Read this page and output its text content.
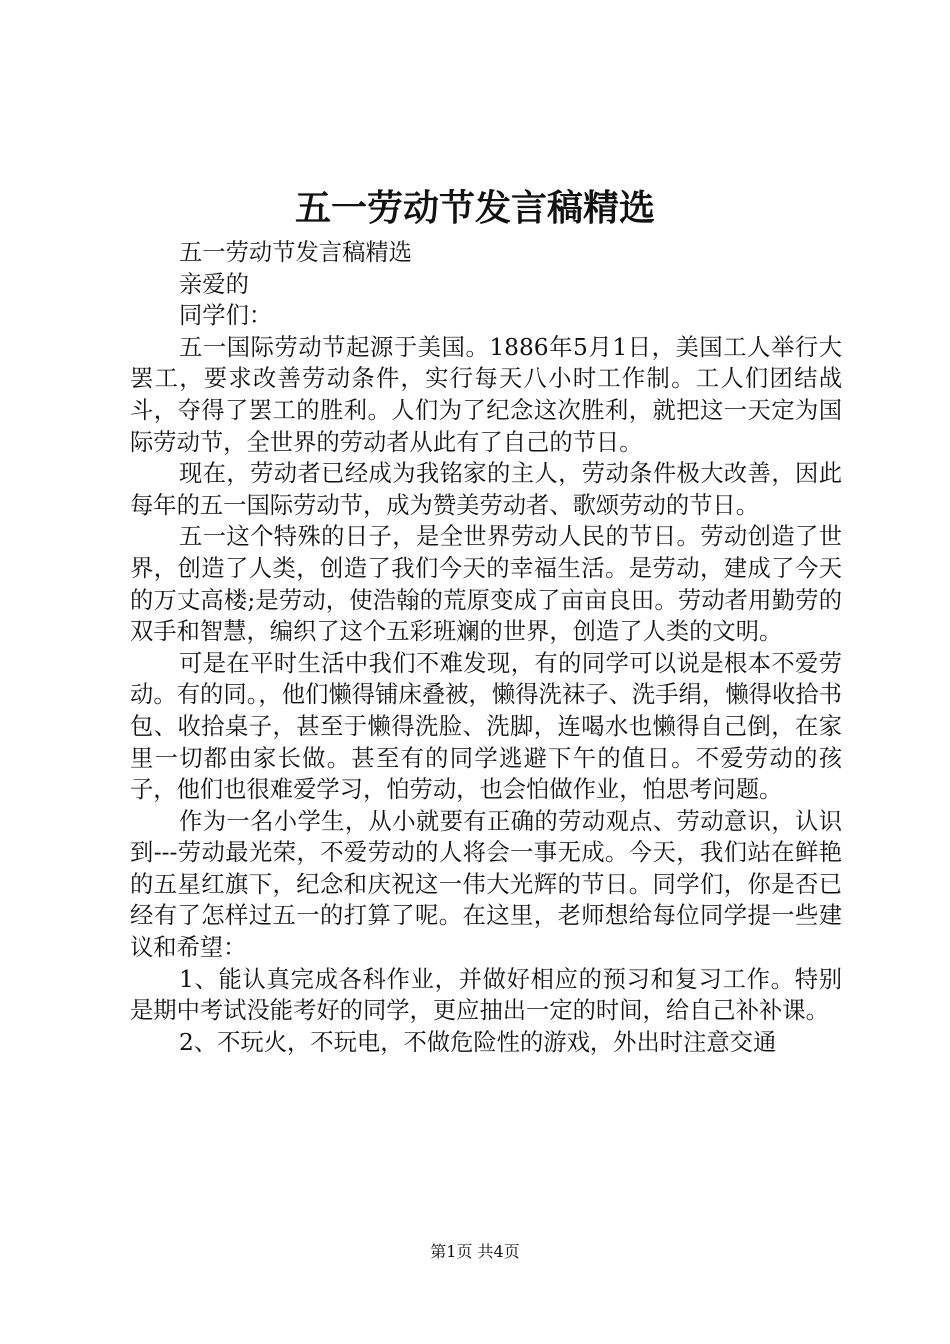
五一劳动节发言稿精选

五一劳动节发言稿精选

亲爱的

同学们：

五一国际劳动节起源于美国。1886年5月1日，美国工人举行大罢工，要求改善劳动条件，实行每天八小时工作制。工人们团结战斗，夺得了罢工的胜利。人们为了纪念这次胜利，就把这一天定为国际劳动节，全世界的劳动者从此有了自己的节日。

现在，劳动者已经成为我铭家的主人，劳动条件极大改善，因此每年的五一国际劳动节，成为赞美劳动者、歌颂劳动的节日。

五一这个特殊的日子，是全世界劳动人民的节日。劳动创造了世界，创造了人类，创造了我们今天的幸福生活。是劳动，建成了今天的万丈高楼;是劳动，使浩翰的荒原变成了亩亩良田。劳动者用勤劳的双手和智慧，编织了这个五彩班斓的世界，创造了人类的文明。

可是在平时生活中我们不难发现，有的同学可以说是根本不爱劳动。有的同。，他们懒得铺床叠被，懒得洗袜子、洗手绢，懒得收拾书包、收拾桌子，甚至于懒得洗脸、洗脚，连喝水也懒得自己倒，在家里一切都由家长做。甚至有的同学逃避下午的值日。不爱劳动的孩子，他们也很难爱学习，怕劳动，也会怕做作业，怕思考问题。

作为一名小学生，从小就要有正确的劳动观点、劳动意识，认识到---劳动最光荣，不爱劳动的人将会一事无成。今天，我们站在鲜艳的五星红旗下，纪念和庆祝这一伟大光辉的节日。同学们，你是否已经有了怎样过五一的打算了呢。在这里，老师想给每位同学提一些建议和希望：

1、能认真完成各科作业，并做好相应的预习和复习工作。特别是期中考试没能考好的同学，更应抽出一定的时间，给自己补补课。

2、不玩火，不玩电，不做危险性的游戏，外出时注意交通

第1页 共4页
